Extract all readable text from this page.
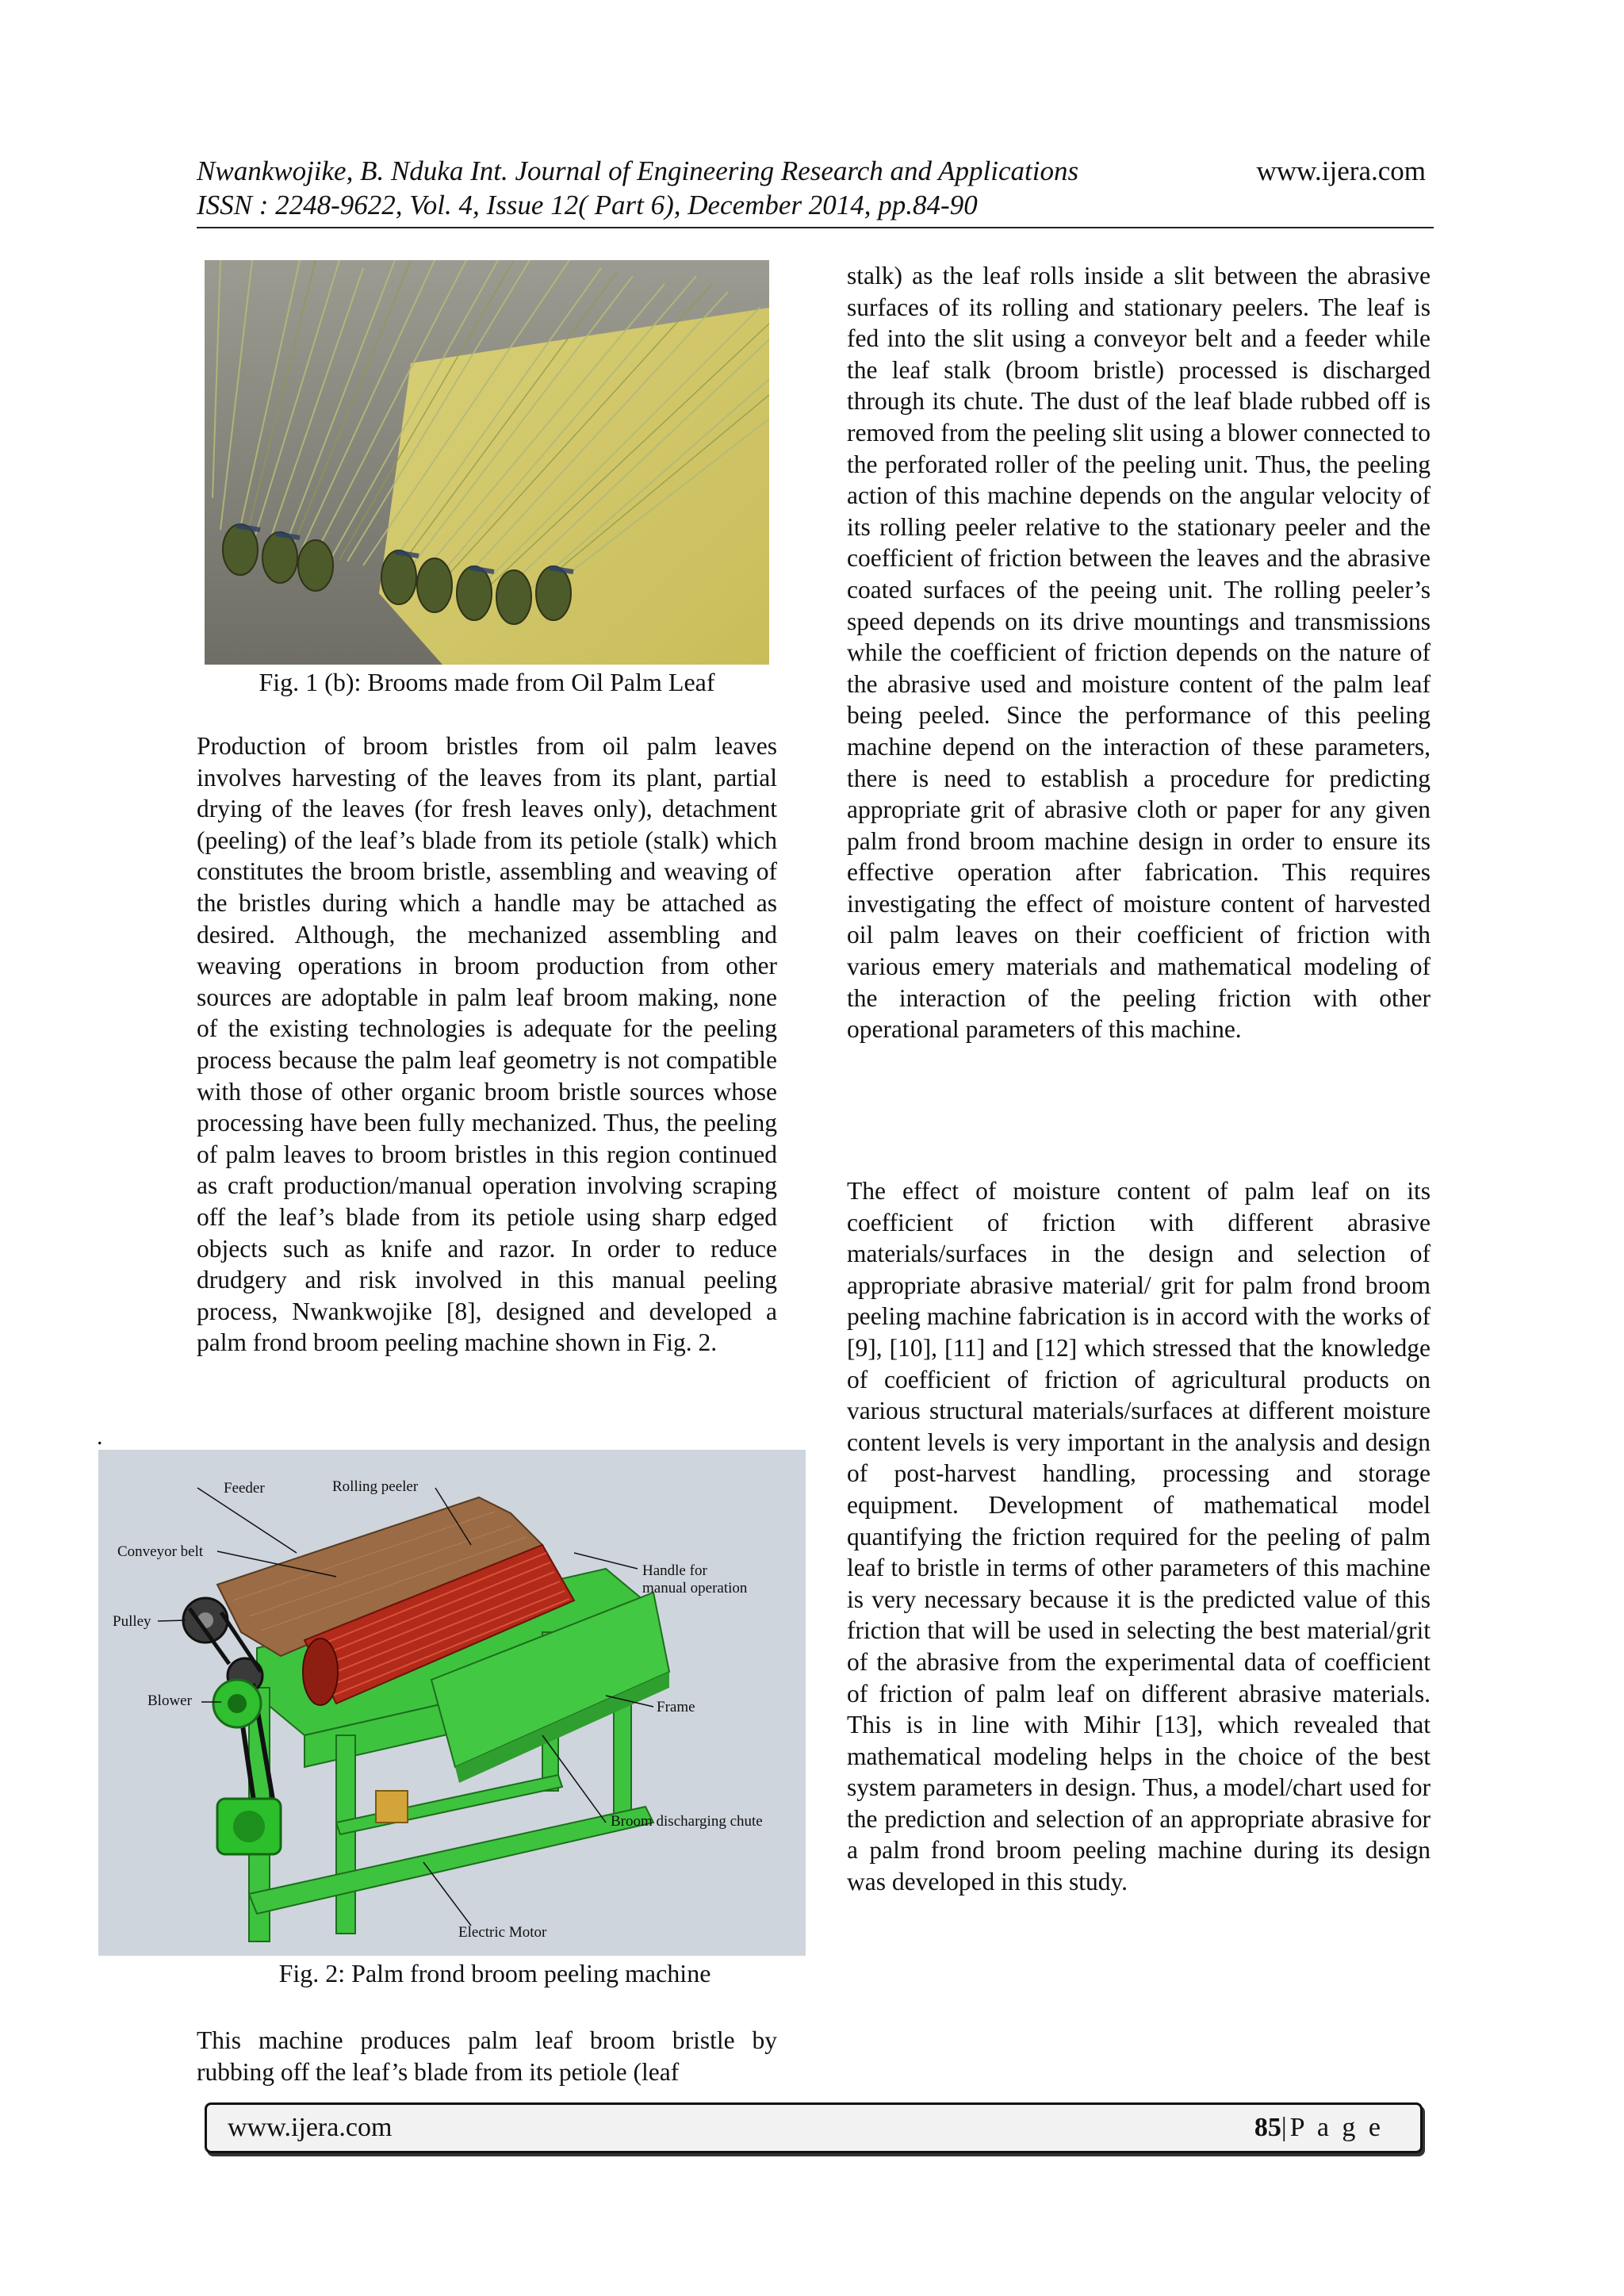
Nwankwojike, B. Nduka Int. Journal of Engineering Research and Applications
ISSN : 2248-9622, Vol. 4, Issue 12( Part 6), December 2014, pp.84-90
www.ijera.com
Fig. 1 (b): Brooms made from Oil Palm Leaf
Production of broom bristles from oil palm leaves involves harvesting of the leaves from its plant, partial drying of the leaves (for fresh leaves only), detachment (peeling) of the leaf’s blade from its petiole (stalk) which constitutes the broom bristle, assembling and weaving of the bristles during which a handle may be attached as desired. Although, the mechanized assembling and weaving operations in broom production from other sources are adoptable in palm leaf broom making, none of the existing technologies is adequate for the peeling process because the palm leaf geometry is not compatible with those of other organic broom bristle sources whose processing have been fully mechanized. Thus, the peeling of palm leaves to broom bristles in this region continued as craft production/manual operation involving scraping off the leaf’s blade from its petiole using sharp edged objects such as knife and razor. In order to reduce drudgery and risk involved in this manual peeling process, Nwankwojike [8], designed and developed a palm frond broom peeling machine shown in Fig. 2.
.
Feeder	Rolling peeler
Conveyor belt
Handle for
manual operation
Pulley
Blower	Frame
Broom discharging chute
Electric Motor
Fig. 2: Palm frond broom peeling machine
This machine produces palm leaf broom bristle by rubbing off the leaf’s blade from its petiole (leaf
stalk) as the leaf rolls inside a slit between the abrasive surfaces of its rolling and stationary peelers. The leaf is fed into the slit using a conveyor belt and a feeder while the leaf stalk (broom bristle) processed is discharged through its chute. The dust of the leaf blade rubbed off is removed from the peeling slit using a blower connected to the perforated roller of the peeling unit. Thus, the peeling action of this machine depends on the angular velocity of its rolling peeler relative to the stationary peeler and the coefficient of friction between the leaves and the abrasive coated surfaces of the peeing unit. The rolling peeler’s speed depends on its drive mountings and transmissions while the coefficient of friction depends on the nature of the abrasive used and moisture content of the palm leaf being peeled. Since the performance of this peeling machine depend on the interaction of these parameters, there is need to establish a procedure for predicting appropriate grit of abrasive cloth or paper for any given palm frond broom machine design in order to ensure its effective operation after fabrication. This requires investigating the effect of moisture content of harvested oil palm leaves on their coefficient of friction with various emery materials and mathematical modeling of the interaction of the peeling friction with other operational parameters of this machine.
The effect of moisture content of palm leaf on its coefficient of friction with different abrasive materials/surfaces in the design and selection of appropriate abrasive material/ grit for palm frond broom peeling machine fabrication is in accord with the works of [9], [10], [11] and [12] which stressed that the knowledge of coefficient of friction of agricultural products on various structural materials/surfaces at different moisture content levels is very important in the analysis and design of post-harvest handling, processing and storage equipment. Development of mathematical model quantifying the friction required for the peeling of palm leaf to bristle in terms of other parameters of this machine is very necessary because it is the predicted value of this friction that will be used in selecting the best material/grit of the abrasive from the experimental data of coefficient of friction of palm leaf on different abrasive materials. This is in line with Mihir [13], which revealed that mathematical modeling helps in the choice of the best system parameters in design. Thus, a model/chart used for the prediction and selection of an appropriate abrasive for a palm frond broom peeling machine during its design was developed in this study.
www.ijera.com	85|P a g e
